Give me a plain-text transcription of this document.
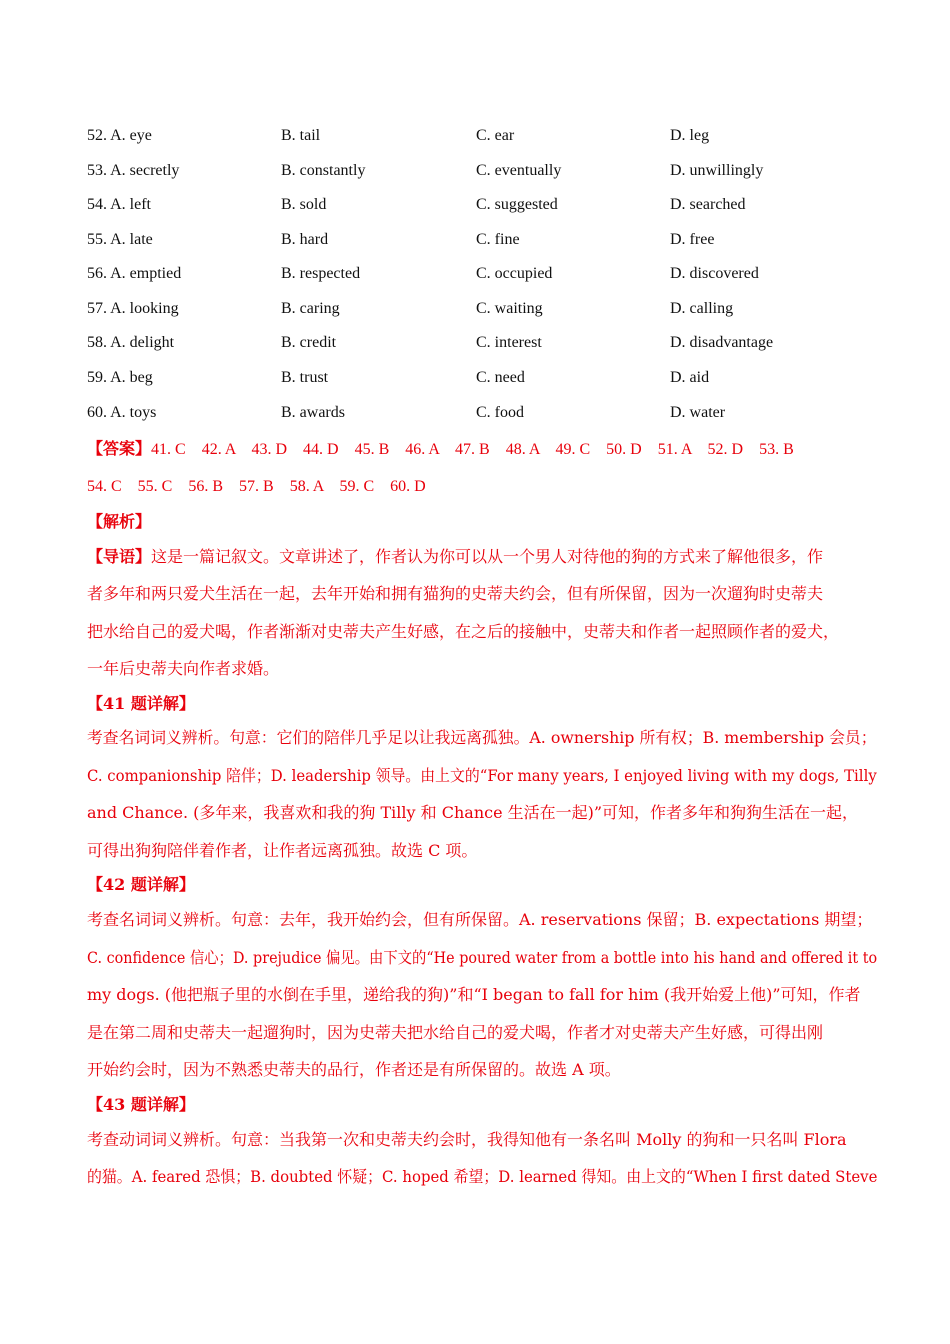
52. A. eye	B. tail	C. ear	D. leg
53. A. secretly	B. constantly	C. eventually	D. unwillingly
54. A. left	B. sold	C. suggested	D. searched
55. A. late	B. hard	C. fine	D. free
56. A. emptied	B. respected	C. occupied	D. discovered
57. A. looking	B. caring	C. waiting	D. calling
58. A. delight	B. credit	C. interest	D. disadvantage
59. A. beg	B. trust	C. need	D. aid
60. A. toys	B. awards	C. food	D. water
【答案】41. C    42. A    43. D    44. D    45. B    46. A    47. B    48. A    49. C    50. D    51. A    52. D    53. B
54. C    55. C    56. B    57. B    58. A    59. C    60. D
【解析】
【导语】这是一篇记叙文。文章讲述了，作者认为你可以从一个男人对待他的狗的方式来了解他很多，作
者多年和两只爱犬生活在一起，去年开始和拥有猫狗的史蒂夫约会，但有所保留，因为一次遛狗时史蒂夫
把水给自己的爱犬喝，作者渐渐对史蒂夫产生好感，在之后的接触中，史蒂夫和作者一起照顾作者的爱犬，
一年后史蒂夫向作者求婚。
【41 题详解】
考查名词词义辨析。句意：它们的陪伴几乎足以让我远离孤独。A. ownership 所有权；B. membership 会员；
C. companionship 陪伴；D. leadership 领导。由上文的“For many years, I enjoyed living with my dogs, Tilly
and Chance. (多年来，我喜欢和我的狗 Tilly 和 Chance 生活在一起)”可知，作者多年和狗狗生活在一起，
可得出狗狗陪伴着作者，让作者远离孤独。故选 C 项。
【42 题详解】
考查名词词义辨析。句意：去年，我开始约会，但有所保留。A. reservations 保留；B. expectations 期望；
C. confidence 信心；D. prejudice 偏见。由下文的“He poured water from a bottle into his hand and offered it to
my dogs. (他把瓶子里的水倒在手里，递给我的狗)”和“I began to fall for him (我开始爱上他)”可知，作者
是在第二周和史蒂夫一起遛狗时，因为史蒂夫把水给自己的爱犬喝，作者才对史蒂夫产生好感，可得出刚
开始约会时，因为不熟悉史蒂夫的品行，作者还是有所保留的。故选 A 项。
【43 题详解】
考查动词词义辨析。句意：当我第一次和史蒂夫约会时，我得知他有一条名叫 Molly 的狗和一只名叫 Flora
的猫。A. feared 恐惧；B. doubted 怀疑；C. hoped 希望；D. learned 得知。由上文的“When I first dated Steve
